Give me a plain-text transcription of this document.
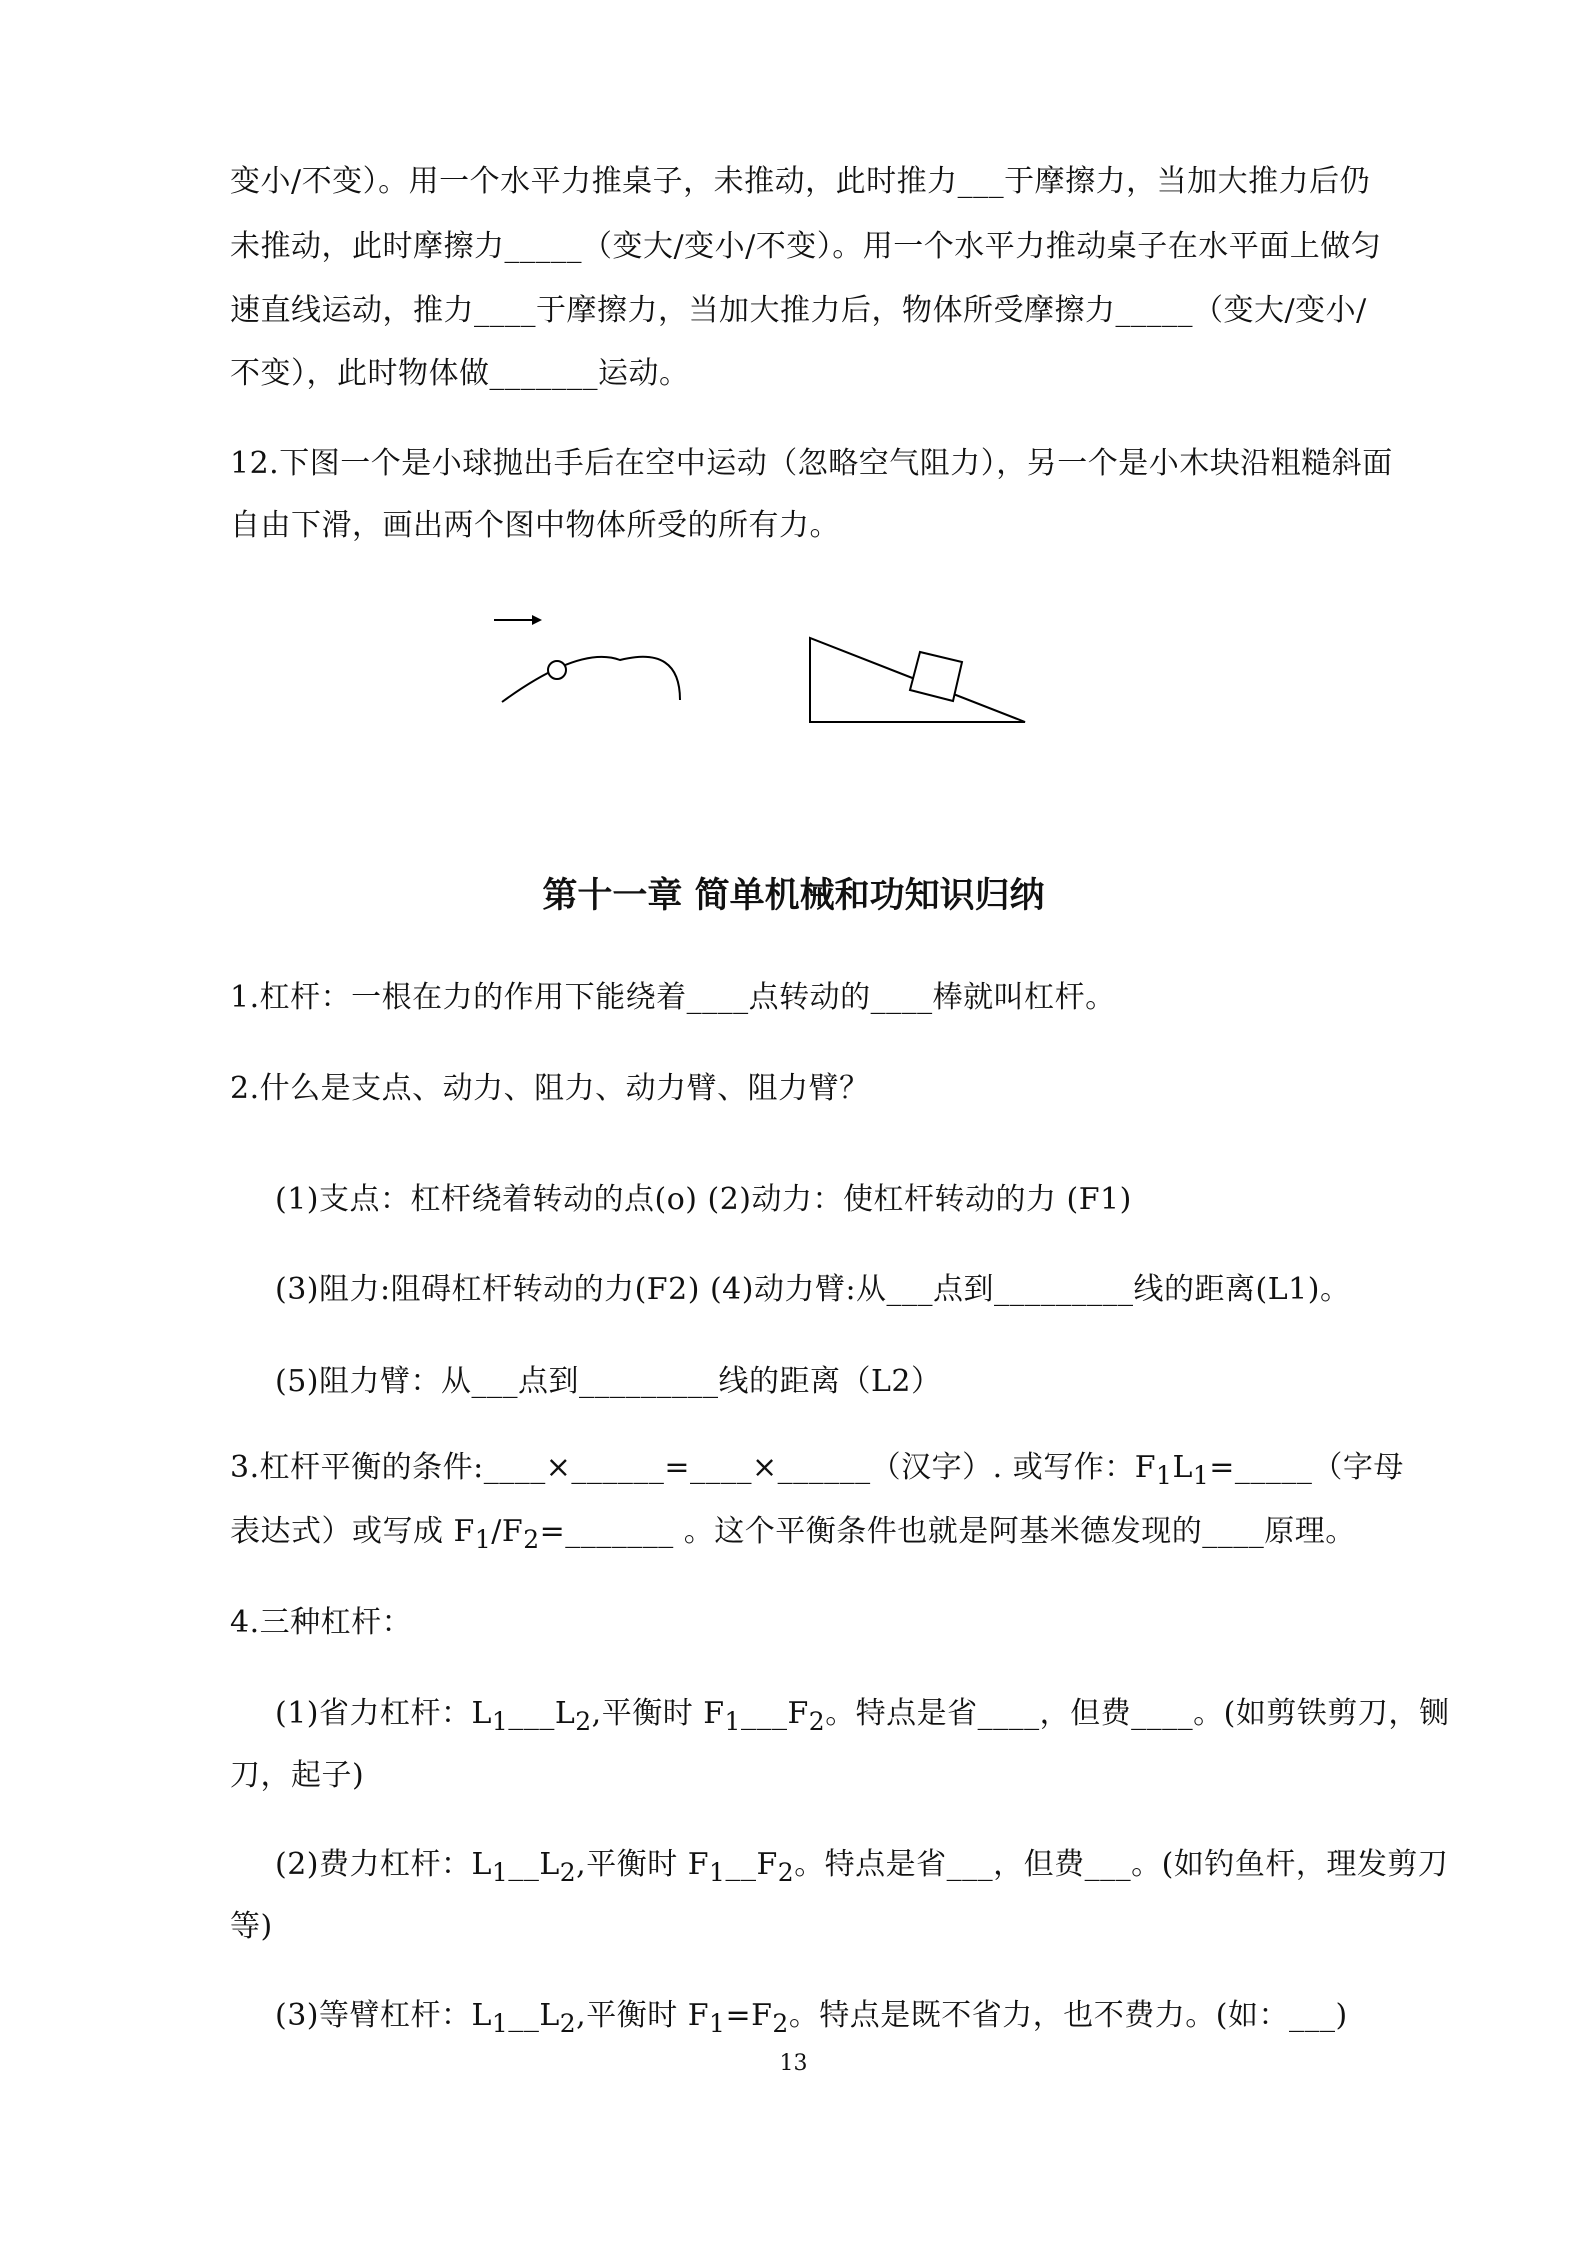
变小/不变）。用一个水平力推桌子，未推动，此时推力___于摩擦力，当加大推力后仍
未推动，此时摩擦力_____（变大/变小/不变）。用一个水平力推动桌子在水平面上做匀
速直线运动，推力____于摩擦力，当加大推力后，物体所受摩擦力_____（变大/变小/
不变），此时物体做_______运动。
12.下图一个是小球抛出手后在空中运动（忽略空气阻力），另一个是小木块沿粗糙斜面
自由下滑，画出两个图中物体所受的所有力。
第十一章 简单机械和功知识归纳
1.杠杆：一根在力的作用下能绕着____点转动的____棒就叫杠杆。
2.什么是支点、动力、阻力、动力臂、阻力臂？
(1)支点：杠杆绕着转动的点(o) (2)动力：使杠杆转动的力 (F1)
(3)阻力:阻碍杠杆转动的力(F2) (4)动力臂:从___点到_________线的距离(L1)。
(5)阻力臂：从___点到_________线的距离（L2）
3.杠杆平衡的条件:____×______=____×______（汉字）. 或写作：$F_1L_1=\_\_\_\_\_$（字母
表达式）或写成 $F_1/F_2=\_\_\_\_\_\_\_$ 。这个平衡条件也就是阿基米德发现的____原理。
4.三种杠杆：
(1)省力杠杆：$L_1\_\_\_L_2$,平衡时 $F_1\_\_\_F_2$。特点是省____，但费____。(如剪铁剪刀，铡
刀，起子)
(2)费力杠杆：$L_1\_\_L_2$,平衡时 $F_1\_\_F_2$。特点是省___，但费___。(如钓鱼杆，理发剪刀
等)
(3)等臂杠杆：$L_1\_\_L_2$,平衡时 $F_1=F_2$。特点是既不省力，也不费力。(如：___)
13
